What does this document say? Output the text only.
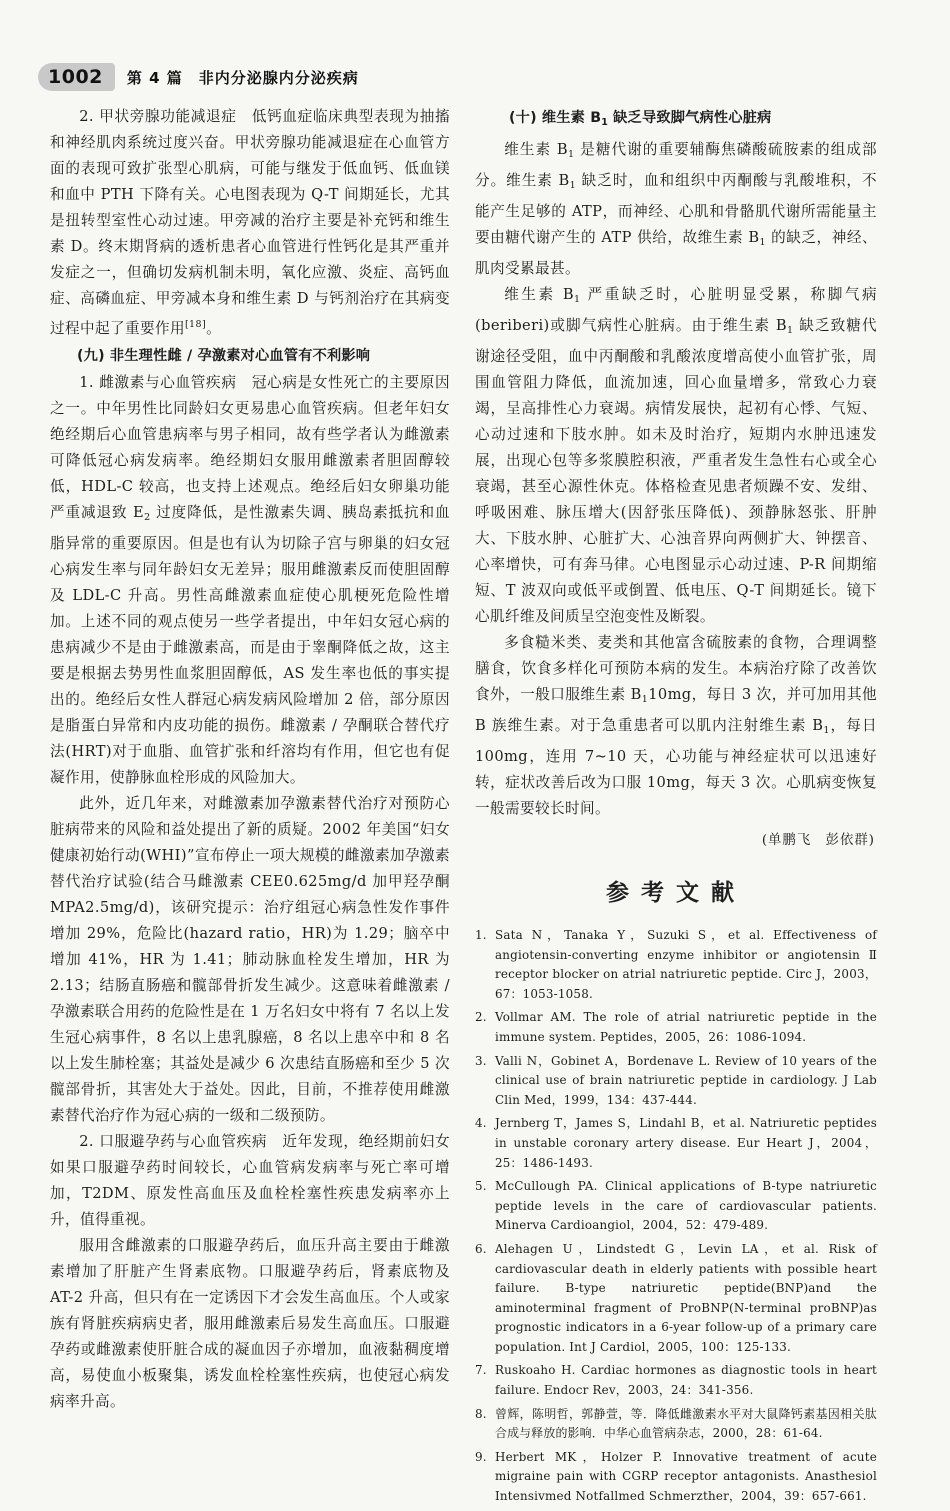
1002	第 4 篇　非内分泌腺内分泌疾病

2. 甲状旁腺功能减退症　低钙血症临床典型表现为抽搐和神经肌肉系统过度兴奋。甲状旁腺功能减退症在心血管方面的表现可致扩张型心肌病，可能与继发于低血钙、低血镁和血中 PTH 下降有关。心电图表现为 Q-T 间期延长，尤其是扭转型室性心动过速。甲旁减的治疗主要是补充钙和维生素 D。终末期肾病的透析患者心血管进行性钙化是其严重并发症之一，但确切发病机制未明，氧化应激、炎症、高钙血症、高磷血症、甲旁减本身和维生素 D 与钙剂治疗在其病变过程中起了重要作用[18]。

(九) 非生理性雌 / 孕激素对心血管有不利影响

1. 雌激素与心血管疾病　冠心病是女性死亡的主要原因之一。中年男性比同龄妇女更易患心血管疾病。但老年妇女绝经期后心血管患病率与男子相同，故有些学者认为雌激素可降低冠心病发病率。绝经期妇女服用雌激素者胆固醇较低，HDL-C 较高，也支持上述观点。绝经后妇女卵巢功能严重减退致 $E_2$ 过度降低，是性激素失调、胰岛素抵抗和血脂异常的重要原因。但是也有认为切除子宫与卵巢的妇女冠心病发生率与同年龄妇女无差异；服用雌激素反而使胆固醇及 LDL-C 升高。男性高雌激素血症使心肌梗死危险性增加。上述不同的观点使另一些学者提出，中年妇女冠心病的患病减少不是由于雌激素高，而是由于睾酮降低之故，这主要是根据去势男性血浆胆固醇低，AS 发生率也低的事实提出的。绝经后女性人群冠心病发病风险增加 2 倍，部分原因是脂蛋白异常和内皮功能的损伤。雌激素 / 孕酮联合替代疗法(HRT)对于血脂、血管扩张和纤溶均有作用，但它也有促凝作用，使静脉血栓形成的风险加大。

此外，近几年来，对雌激素加孕激素替代治疗对预防心脏病带来的风险和益处提出了新的质疑。2002 年美国“妇女健康初始行动(WHI)”宣布停止一项大规模的雌激素加孕激素替代治疗试验(结合马雌激素 CEE0.625mg/d 加甲羟孕酮 MPA2.5mg/d)，该研究提示：治疗组冠心病急性发作事件增加 29%，危险比(hazard ratio，HR)为 1.29；脑卒中增加 41%，HR 为 1.41；肺动脉血栓发生增加，HR 为 2.13；结肠直肠癌和髋部骨折发生减少。这意味着雌激素 / 孕激素联合用药的危险性是在 1 万名妇女中将有 7 名以上发生冠心病事件，8 名以上患乳腺癌，8 名以上患卒中和 8 名以上发生肺栓塞；其益处是减少 6 次患结直肠癌和至少 5 次髋部骨折，其害处大于益处。因此，目前，不推荐使用雌激素替代治疗作为冠心病的一级和二级预防。

2. 口服避孕药与心血管疾病　近年发现，绝经期前妇女如果口服避孕药时间较长，心血管病发病率与死亡率可增加，T2DM、原发性高血压及血栓栓塞性疾患发病率亦上升，值得重视。

服用含雌激素的口服避孕药后，血压升高主要由于雌激素增加了肝脏产生肾素底物。口服避孕药后，肾素底物及 AT-2 升高，但只有在一定诱因下才会发生高血压。个人或家族有肾脏疾病病史者，服用雌激素后易发生高血压。口服避孕药或雌激素使肝脏合成的凝血因子亦增加，血液黏稠度增高，易使血小板聚集，诱发血栓栓塞性疾病，也使冠心病发病率升高。

(十) 维生素 $B_1$ 缺乏导致脚气病性心脏病

维生素 $B_1$ 是糖代谢的重要辅酶焦磷酸硫胺素的组成部分。维生素 $B_1$ 缺乏时，血和组织中丙酮酸与乳酸堆积，不能产生足够的 ATP，而神经、心肌和骨骼肌代谢所需能量主要由糖代谢产生的 ATP 供给，故维生素 $B_1$ 的缺乏，神经、肌肉受累最甚。

维生素 $B_1$ 严重缺乏时，心脏明显受累，称脚气病(beriberi)或脚气病性心脏病。由于维生素 $B_1$ 缺乏致糖代谢途径受阻，血中丙酮酸和乳酸浓度增高使小血管扩张，周围血管阻力降低，血流加速，回心血量增多，常致心力衰竭，呈高排性心力衰竭。病情发展快，起初有心悸、气短、心动过速和下肢水肿。如未及时治疗，短期内水肿迅速发展，出现心包等多浆膜腔积液，严重者发生急性右心或全心衰竭，甚至心源性休克。体格检查见患者烦躁不安、发绀、呼吸困难、脉压增大(因舒张压降低)、颈静脉怒张、肝肿大、下肢水肿、心脏扩大、心浊音界向两侧扩大、钟摆音、心率增快，可有奔马律。心电图显示心动过速、P-R 间期缩短、T 波双向或低平或倒置、低电压、Q-T 间期延长。镜下心肌纤维及间质呈空泡变性及断裂。

多食糙米类、麦类和其他富含硫胺素的食物，合理调整膳食，饮食多样化可预防本病的发生。本病治疗除了改善饮食外，一般口服维生素 $B_110mg$，每日 3 次，并可加用其他 B 族维生素。对于急重患者可以肌内注射维生素 $B_1$，每日 100mg，连用 7~10 天，心功能与神经症状可以迅速好转，症状改善后改为口服 10mg，每天 3 次。心肌病变恢复一般需要较长时间。

(单鹏飞　彭依群)
参考文献
1. Sata N，Tanaka Y，Suzuki S，et al. Effectiveness of angiotensin-converting enzyme inhibitor or angiotensin Ⅱ receptor blocker on atrial natriuretic peptide. Circ J，2003，67：1053-1058.
2. Vollmar AM. The role of atrial natriuretic peptide in the immune system. Peptides，2005，26：1086-1094.
3. Valli N，Gobinet A，Bordenave L. Review of 10 years of the clinical use of brain natriuretic peptide in cardiology. J Lab Clin Med，1999，134：437-444.
4. Jernberg T，James S，Lindahl B，et al. Natriuretic peptides in unstable coronary artery disease. Eur Heart J，2004，25：1486-1493.
5. McCullough PA. Clinical applications of B-type natriuretic peptide levels in the care of cardiovascular patients. Minerva Cardioangiol，2004，52：479-489.
6. Alehagen U，Lindstedt G，Levin LA，et al. Risk of cardiovascular death in elderly patients with possible heart failure. B-type natriuretic peptide(BNP)and the aminoterminal fragment of ProBNP(N-terminal proBNP)as prognostic indicators in a 6-year follow-up of a primary care population. Int J Cardiol，2005，100：125-133.
7. Ruskoaho H. Cardiac hormones as diagnostic tools in heart failure. Endocr Rev，2003，24：341-356.
8. 曾辉，陈明哲，郭静萱，等．降低雌激素水平对大鼠降钙素基因相关肽合成与释放的影响．中华心血管病杂志，2000，28：61-64.
9. Herbert MK，Holzer P. Innovative treatment of acute migraine pain with CGRP receptor antagonists. Anasthesiol Intensivmed Notfallmed Schmerzther，2004，39：657-661.
